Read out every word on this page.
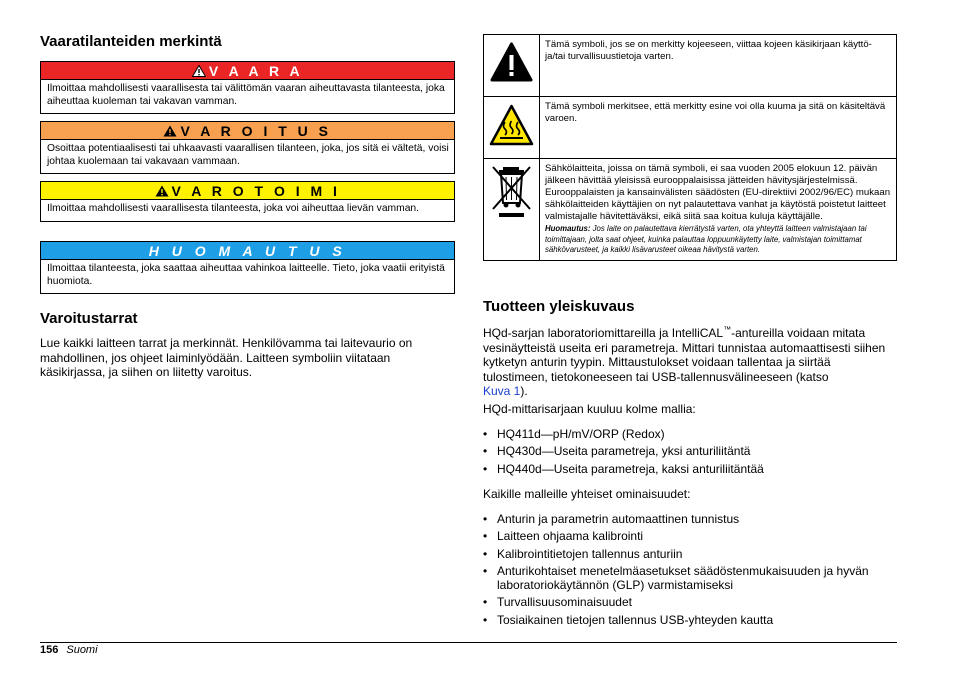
Vaaratilanteiden merkintä
V A A R A
Ilmoittaa mahdollisesti vaarallisesta tai välittömän vaaran aiheuttavasta tilanteesta, joka aiheuttaa kuoleman tai vakavan vamman.
V A R O I T U S
Osoittaa potentiaalisesti tai uhkaavasti vaarallisen tilanteen, joka, jos sitä ei vältetä, voisi johtaa kuolemaan tai vakavaan vammaan.
V A R O T O I M I
Ilmoittaa mahdollisesti vaarallisesta tilanteesta, joka voi aiheuttaa lievän vamman.
H U O M A U T U S
Ilmoittaa tilanteesta, joka saattaa aiheuttaa vahinkoa laitteelle. Tieto, joka vaatii erityistä huomiota.
Varoitustarrat

Lue kaikki laitteen tarrat ja merkinnät. Henkilövamma tai laitevaurio on mahdollinen, jos ohjeet laiminlyödään. Laitteen symboliin viitataan käsikirjassa, ja siihen on liitetty varoitus.

	Tämä symboli, jos se on merkitty kojeeseen, viittaa kojeen käsikirjaan käyttö- ja/tai turvallisuustietoja varten.
	Tämä symboli merkitsee, että merkitty esine voi olla kuuma ja sitä on käsiteltävä varoen.
	Sähkölaitteita, joissa on tämä symboli, ei saa vuoden 2005 elokuun 12. päivän jälkeen hävittää yleisissä eurooppalaisissa jätteiden hävitysjärjestelmissä. Eurooppalaisten ja kansainvälisten säädösten (EU-direktiivi 2002/96/EC) mukaan sähkölaitteiden käyttäjien on nyt palautettava vanhat ja käytöstä poistetut laitteet valmistajalle hävitettäväksi, eikä siitä saa koitua kuluja käyttäjälle.
Huomautus: Jos laite on palautettava kierrätystä varten, ota yhteyttä laitteen valmistajaan tai toimittajaan, jolta saat ohjeet, kuinka palauttaa loppuunkäytetty laite, valmistajan toimittamat sähkövarusteet, ja kaikki lisävarusteet oikeaa hävitystä varten.
Tuotteen yleiskuvaus

HQd-sarjan laboratoriomittareilla ja IntelliCAL™-antureilla voidaan mitata vesinäytteistä useita eri parametreja. Mittari tunnistaa automaattisesti siihen kytketyn anturin tyypin. Mittaustulokset voidaan tallentaa ja siirtää tulostimeen, tietokoneeseen tai USB-tallennusvälineeseen (katso
Kuva 1).

HQd-mittarisarjaan kuuluu kolme mallia:

• HQ411d—pH/mV/ORP (Redox)
• HQ430d—Useita parametreja, yksi anturiliitäntä
• HQ440d—Useita parametreja, kaksi anturiliitäntää

Kaikille malleille yhteiset ominaisuudet:

• Anturin ja parametrin automaattinen tunnistus
• Laitteen ohjaama kalibrointi
• Kalibrointitietojen tallennus anturiin
• Anturikohtaiset menetelmäasetukset säädöstenmukaisuuden ja hyvän laboratoriokäytännön (GLP) varmistamiseksi
• Turvallisuusominaisuudet
• Tosiaikainen tietojen tallennus USB-yhteyden kautta
156 Suomi
